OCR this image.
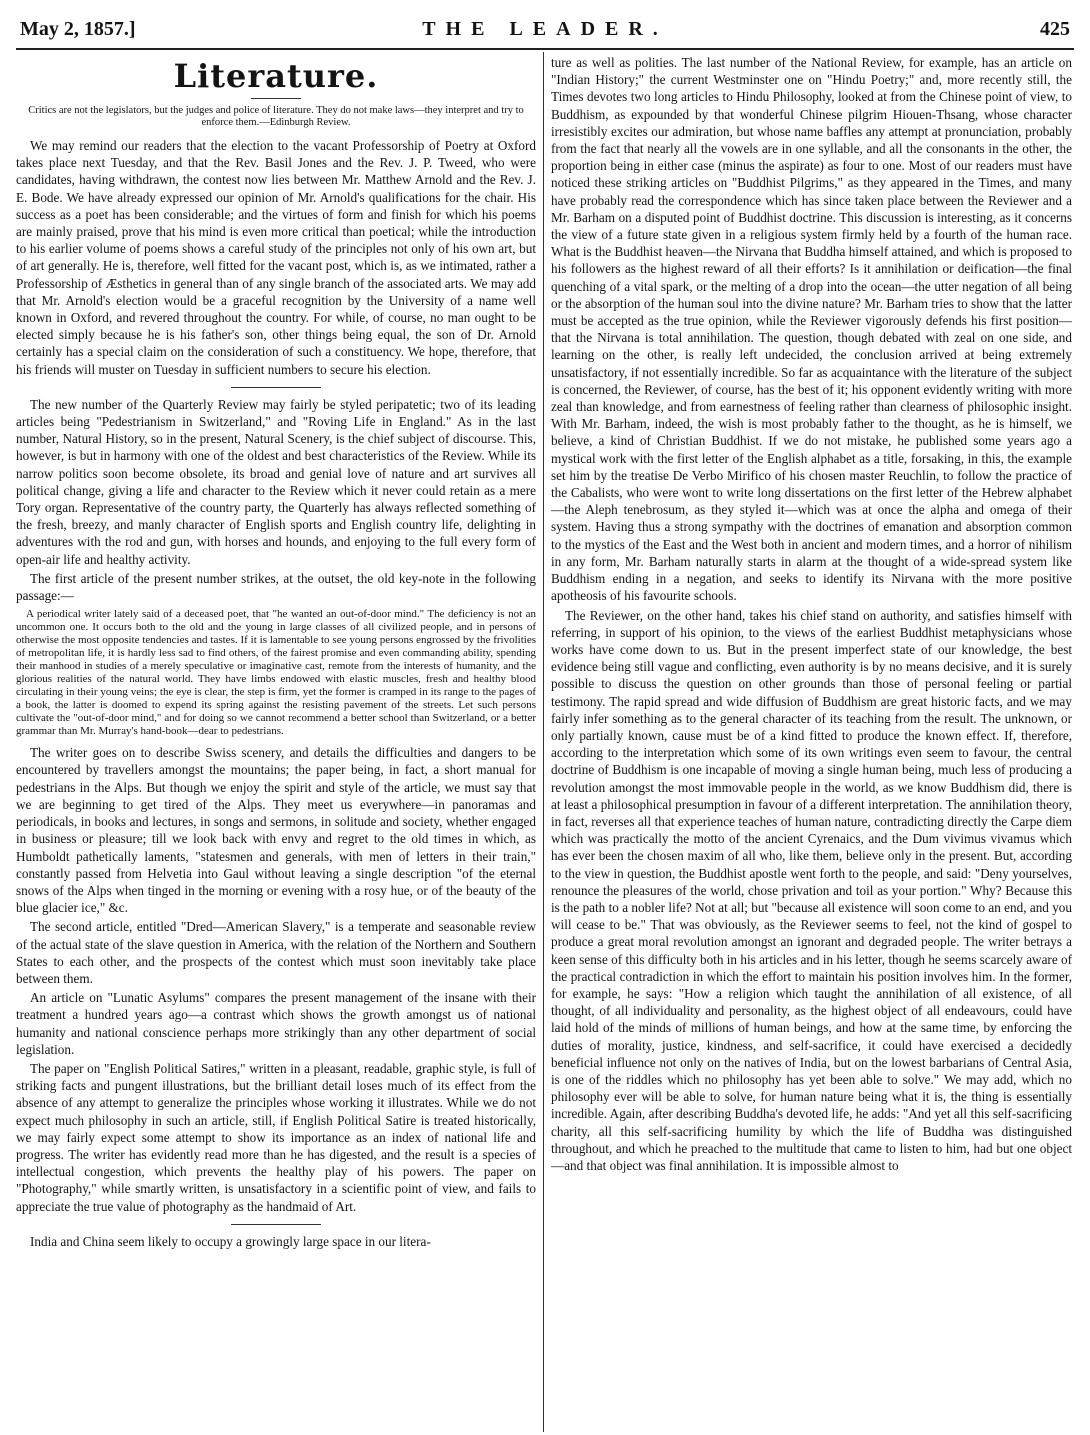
May 2, 1857.]	THE LEADER.	425
Literature.
Critics are not the legislators, but the judges and police of literature. They do not make laws—they interpret and try to enforce them.—Edinburgh Review.

We may remind our readers that the election to the vacant Professorship of Poetry at Oxford takes place next Tuesday, and that the Rev. Basil Jones and the Rev. J. P. Tweed, who were candidates, having withdrawn, the contest now lies between Mr. Matthew Arnold and the Rev. J. E. Bode. We have already expressed our opinion of Mr. Arnold's qualifications for the chair. His success as a poet has been considerable; and the virtues of form and finish for which his poems are mainly praised, prove that his mind is even more critical than poetical; while the introduction to his earlier volume of poems shows a careful study of the principles not only of his own art, but of art generally. He is, therefore, well fitted for the vacant post, which is, as we intimated, rather a Professorship of Æsthetics in general than of any single branch of the associated arts. We may add that Mr. Arnold's election would be a graceful recognition by the University of a name well known in Oxford, and revered throughout the country. For while, of course, no man ought to be elected simply because he is his father's son, other things being equal, the son of Dr. Arnold certainly has a special claim on the consideration of such a constituency. We hope, therefore, that his friends will muster on Tuesday in sufficient numbers to secure his election.

The new number of the Quarterly Review may fairly be styled peripatetic; two of its leading articles being "Pedestrianism in Switzerland," and "Roving Life in England." As in the last number, Natural History, so in the present, Natural Scenery, is the chief subject of discourse. This, however, is but in harmony with one of the oldest and best characteristics of the Review. While its narrow politics soon become obsolete, its broad and genial love of nature and art survives all political change, giving a life and character to the Review which it never could retain as a mere Tory organ. Representative of the country party, the Quarterly has always reflected something of the fresh, breezy, and manly character of English sports and English country life, delighting in adventures with the rod and gun, with horses and hounds, and enjoying to the full every form of open-air life and healthy activity.

The first article of the present number strikes, at the outset, the old key-note in the following passage:—

A periodical writer lately said of a deceased poet, that "he wanted an out-of-door mind." The deficiency is not an uncommon one. It occurs both to the old and the young in large classes of all civilized people, and in persons of otherwise the most opposite tendencies and tastes. If it is lamentable to see young persons engrossed by the frivolities of metropolitan life, it is hardly less sad to find others, of the fairest promise and even commanding ability, spending their manhood in studies of a merely speculative or imaginative cast, remote from the interests of humanity, and the glorious realities of the natural world. They have limbs endowed with elastic muscles, fresh and healthy blood circulating in their young veins; the eye is clear, the step is firm, yet the former is cramped in its range to the pages of a book, the latter is doomed to expend its spring against the resisting pavement of the streets. Let such persons cultivate the "out-of-door mind," and for doing so we cannot recommend a better school than Switzerland, or a better grammar than Mr. Murray's hand-book—dear to pedestrians.

The writer goes on to describe Swiss scenery, and details the difficulties and dangers to be encountered by travellers amongst the mountains; the paper being, in fact, a short manual for pedestrians in the Alps. But though we enjoy the spirit and style of the article, we must say that we are beginning to get tired of the Alps. They meet us everywhere—in panoramas and periodicals, in books and lectures, in songs and sermons, in solitude and society, whether engaged in business or pleasure; till we look back with envy and regret to the old times in which, as Humboldt pathetically laments, "statesmen and generals, with men of letters in their train," constantly passed from Helvetia into Gaul without leaving a single description "of the eternal snows of the Alps when tinged in the morning or evening with a rosy hue, or of the beauty of the blue glacier ice," &c.

The second article, entitled "Dred—American Slavery," is a temperate and seasonable review of the actual state of the slave question in America, with the relation of the Northern and Southern States to each other, and the prospects of the contest which must soon inevitably take place between them.

An article on "Lunatic Asylums" compares the present management of the insane with their treatment a hundred years ago—a contrast which shows the growth amongst us of national humanity and national conscience perhaps more strikingly than any other department of social legislation.

The paper on "English Political Satires," written in a pleasant, readable, graphic style, is full of striking facts and pungent illustrations, but the brilliant detail loses much of its effect from the absence of any attempt to generalize the principles whose working it illustrates. While we do not expect much philosophy in such an article, still, if English Political Satire is treated historically, we may fairly expect some attempt to show its importance as an index of national life and progress. The writer has evidently read more than he has digested, and the result is a species of intellectual congestion, which prevents the healthy play of his powers. The paper on "Photography," while smartly written, is unsatisfactory in a scientific point of view, and fails to appreciate the true value of photography as the handmaid of Art.

India and China seem likely to occupy a growingly large space in our litera-

ture as well as polities. The last number of the National Review, for example, has an article on "Indian History;" the current Westminster one on "Hindu Poetry;" and, more recently still, the Times devotes two long articles to Hindu Philosophy, looked at from the Chinese point of view, to Buddhism, as expounded by that wonderful Chinese pilgrim Hiouen-Thsang, whose character irresistibly excites our admiration, but whose name baffles any attempt at pronunciation, probably from the fact that nearly all the vowels are in one syllable, and all the consonants in the other, the proportion being in either case (minus the aspirate) as four to one. Most of our readers must have noticed these striking articles on "Buddhist Pilgrims," as they appeared in the Times, and many have probably read the correspondence which has since taken place between the Reviewer and a Mr. Barham on a disputed point of Buddhist doctrine. This discussion is interesting, as it concerns the view of a future state given in a religious system firmly held by a fourth of the human race. What is the Buddhist heaven—the Nirvana that Buddha himself attained, and which is proposed to his followers as the highest reward of all their efforts? Is it annihilation or deification—the final quenching of a vital spark, or the melting of a drop into the ocean—the utter negation of all being or the absorption of the human soul into the divine nature? Mr. Barham tries to show that the latter must be accepted as the true opinion, while the Reviewer vigorously defends his first position—that the Nirvana is total annihilation. The question, though debated with zeal on one side, and learning on the other, is really left undecided, the conclusion arrived at being extremely unsatisfactory, if not essentially incredible. So far as acquaintance with the literature of the subject is concerned, the Reviewer, of course, has the best of it; his opponent evidently writing with more zeal than knowledge, and from earnestness of feeling rather than clearness of philosophic insight. With Mr. Barham, indeed, the wish is most probably father to the thought, as he is himself, we believe, a kind of Christian Buddhist. If we do not mistake, he published some years ago a mystical work with the first letter of the English alphabet as a title, forsaking, in this, the example set him by the treatise De Verbo Mirifico of his chosen master Reuchlin, to follow the practice of the Cabalists, who were wont to write long dissertations on the first letter of the Hebrew alphabet—the Aleph tenebrosum, as they styled it—which was at once the alpha and omega of their system. Having thus a strong sympathy with the doctrines of emanation and absorption common to the mystics of the East and the West both in ancient and modern times, and a horror of nihilism in any form, Mr. Barham naturally starts in alarm at the thought of a wide-spread system like Buddhism ending in a negation, and seeks to identify its Nirvana with the more positive apotheosis of his favourite schools.

The Reviewer, on the other hand, takes his chief stand on authority, and satisfies himself with referring, in support of his opinion, to the views of the earliest Buddhist metaphysicians whose works have come down to us. But in the present imperfect state of our knowledge, the best evidence being still vague and conflicting, even authority is by no means decisive, and it is surely possible to discuss the question on other grounds than those of personal feeling or partial testimony. The rapid spread and wide diffusion of Buddhism are great historic facts, and we may fairly infer something as to the general character of its teaching from the result. The unknown, or only partially known, cause must be of a kind fitted to produce the known effect. If, therefore, according to the interpretation which some of its own writings even seem to favour, the central doctrine of Buddhism is one incapable of moving a single human being, much less of producing a revolution amongst the most immovable people in the world, as we know Buddhism did, there is at least a philosophical presumption in favour of a different interpretation. The annihilation theory, in fact, reverses all that experience teaches of human nature, contradicting directly the Carpe diem which was practically the motto of the ancient Cyrenaics, and the Dum vivimus vivamus which has ever been the chosen maxim of all who, like them, believe only in the present. But, according to the view in question, the Buddhist apostle went forth to the people, and said: "Deny yourselves, renounce the pleasures of the world, chose privation and toil as your portion." Why? Because this is the path to a nobler life? Not at all; but "because all existence will soon come to an end, and you will cease to be." That was obviously, as the Reviewer seems to feel, not the kind of gospel to produce a great moral revolution amongst an ignorant and degraded people. The writer betrays a keen sense of this difficulty both in his articles and in his letter, though he seems scarcely aware of the practical contradiction in which the effort to maintain his position involves him. In the former, for example, he says: "How a religion which taught the annihilation of all existence, of all thought, of all individuality and personality, as the highest object of all endeavours, could have laid hold of the minds of millions of human beings, and how at the same time, by enforcing the duties of morality, justice, kindness, and self-sacrifice, it could have exercised a decidedly beneficial influence not only on the natives of India, but on the lowest barbarians of Central Asia, is one of the riddles which no philosophy has yet been able to solve." We may add, which no philosophy ever will be able to solve, for human nature being what it is, the thing is essentially incredible. Again, after describing Buddha's devoted life, he adds: "And yet all this self-sacrificing charity, all this self-sacrificing humility by which the life of Buddha was distinguished throughout, and which he preached to the multitude that came to listen to him, had but one object—and that object was final annihilation. It is impossible almost to
